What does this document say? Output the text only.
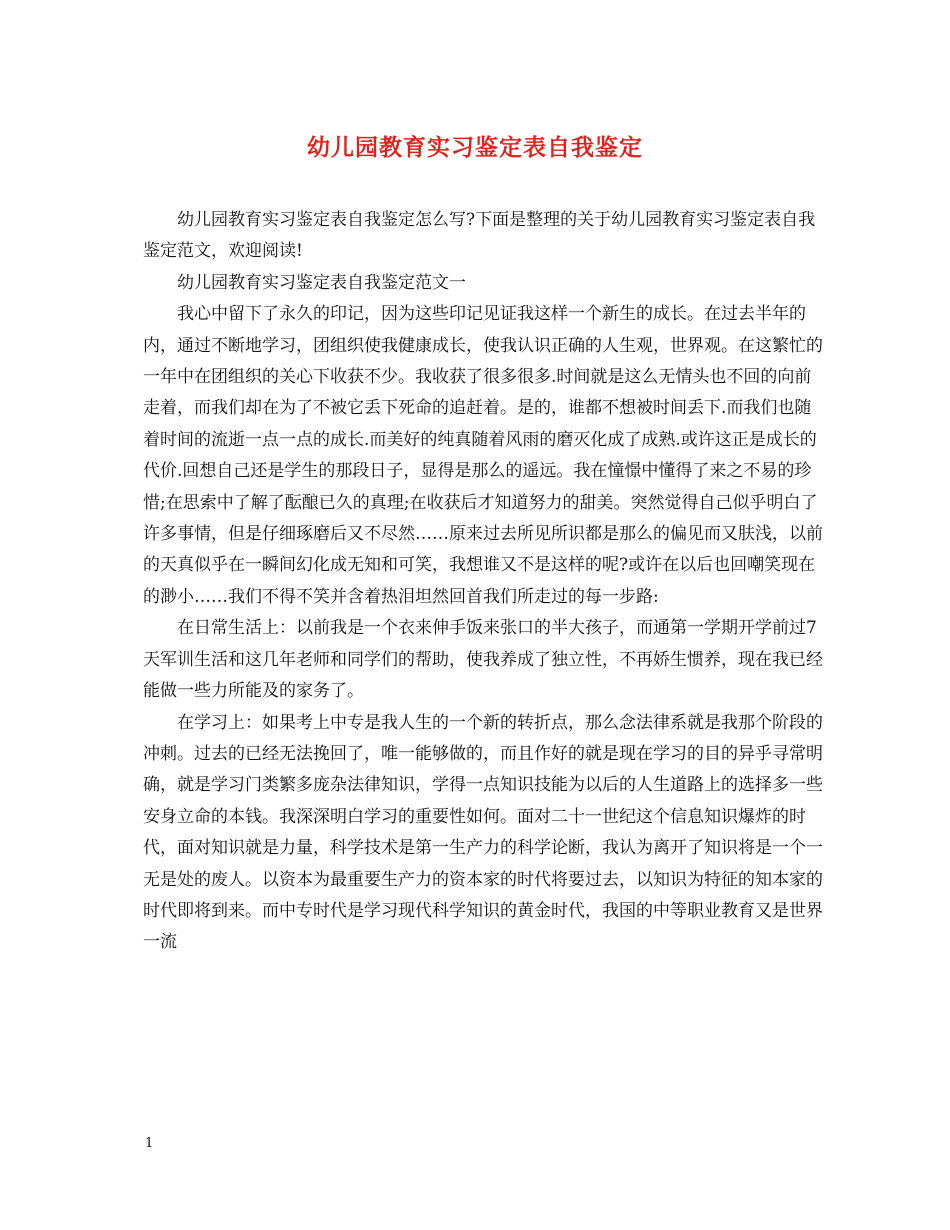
幼儿园教育实习鉴定表自我鉴定

幼儿园教育实习鉴定表自我鉴定怎么写?下面是整理的关于幼儿园教育实习鉴定表自我鉴定范文，欢迎阅读!

幼儿园教育实习鉴定表自我鉴定范文一

我心中留下了永久的印记，因为这些印记见证我这样一个新生的成长。在过去半年的内，通过不断地学习，团组织使我健康成长，使我认识正确的人生观，世界观。在这繁忙的一年中在团组织的关心下收获不少。我收获了很多很多.时间就是这么无情头也不回的向前走着，而我们却在为了不被它丢下死命的追赶着。是的，谁都不想被时间丢下.而我们也随着时间的流逝一点一点的成长.而美好的纯真随着风雨的磨灭化成了成熟.或许这正是成长的代价.回想自己还是学生的那段日子，显得是那么的遥远。我在憧憬中懂得了来之不易的珍惜;在思索中了解了酝酿已久的真理;在收获后才知道努力的甜美。突然觉得自己似乎明白了许多事情，但是仔细琢磨后又不尽然……原来过去所见所识都是那么的偏见而又肤浅，以前的天真似乎在一瞬间幻化成无知和可笑，我想谁又不是这样的呢?或许在以后也回嘲笑现在的渺小……我们不得不笑并含着热泪坦然回首我们所走过的每一步路:

在日常生活上：以前我是一个衣来伸手饭来张口的半大孩子，而通第一学期开学前过7天军训生活和这几年老师和同学们的帮助，使我养成了独立性，不再娇生惯养，现在我已经能做一些力所能及的家务了。

在学习上：如果考上中专是我人生的一个新的转折点，那么念法律系就是我那个阶段的冲刺。过去的已经无法挽回了，唯一能够做的，而且作好的就是现在学习的目的异乎寻常明确，就是学习门类繁多庞杂法律知识，学得一点知识技能为以后的人生道路上的选择多一些安身立命的本钱。我深深明白学习的重要性如何。面对二十一世纪这个信息知识爆炸的时代，面对知识就是力量，科学技术是第一生产力的科学论断，我认为离开了知识将是一个一无是处的废人。以资本为最重要生产力的资本家的时代将要过去，以知识为特征的知本家的时代即将到来。而中专时代是学习现代科学知识的黄金时代，我国的中等职业教育又是世界一流

1
